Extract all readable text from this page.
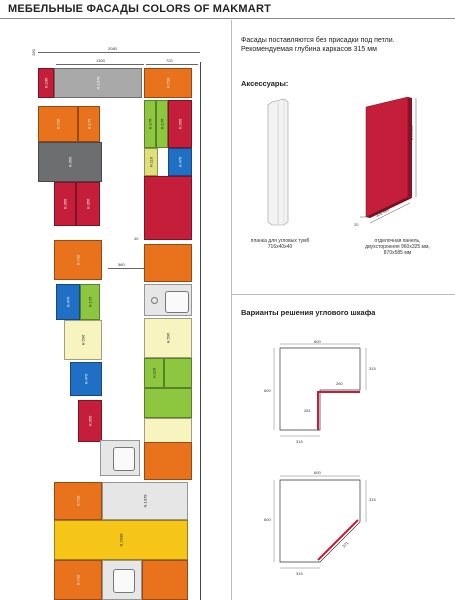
МЕБЕЛЬНЫЕ ФАСАДЫ COLORS OF MAKMART
Фасады поставляются без присадки под петли.
Рекомендуемая глубина каркасов 315 мм
Аксессуары:
планка для угловых тумб
716x40x40
870-960
325-585
20
отделочная панель,
двухсторонняя 960x325 мм,
870x585 мм
Варианты решения углового шкафа
600
315
600
260
281
315
600
315
600
371
315
2080
1300	720
280
40
560
H.236	H.1378
H.716	H.176
H.356
H.356	H.356
H.716
H.476	H.176
H.596
H.476
H.356
H.716
H.176 H.176	H.356
H.116	H.476
H.596
H.116
H.1378
H.716
H.2038
H.716
